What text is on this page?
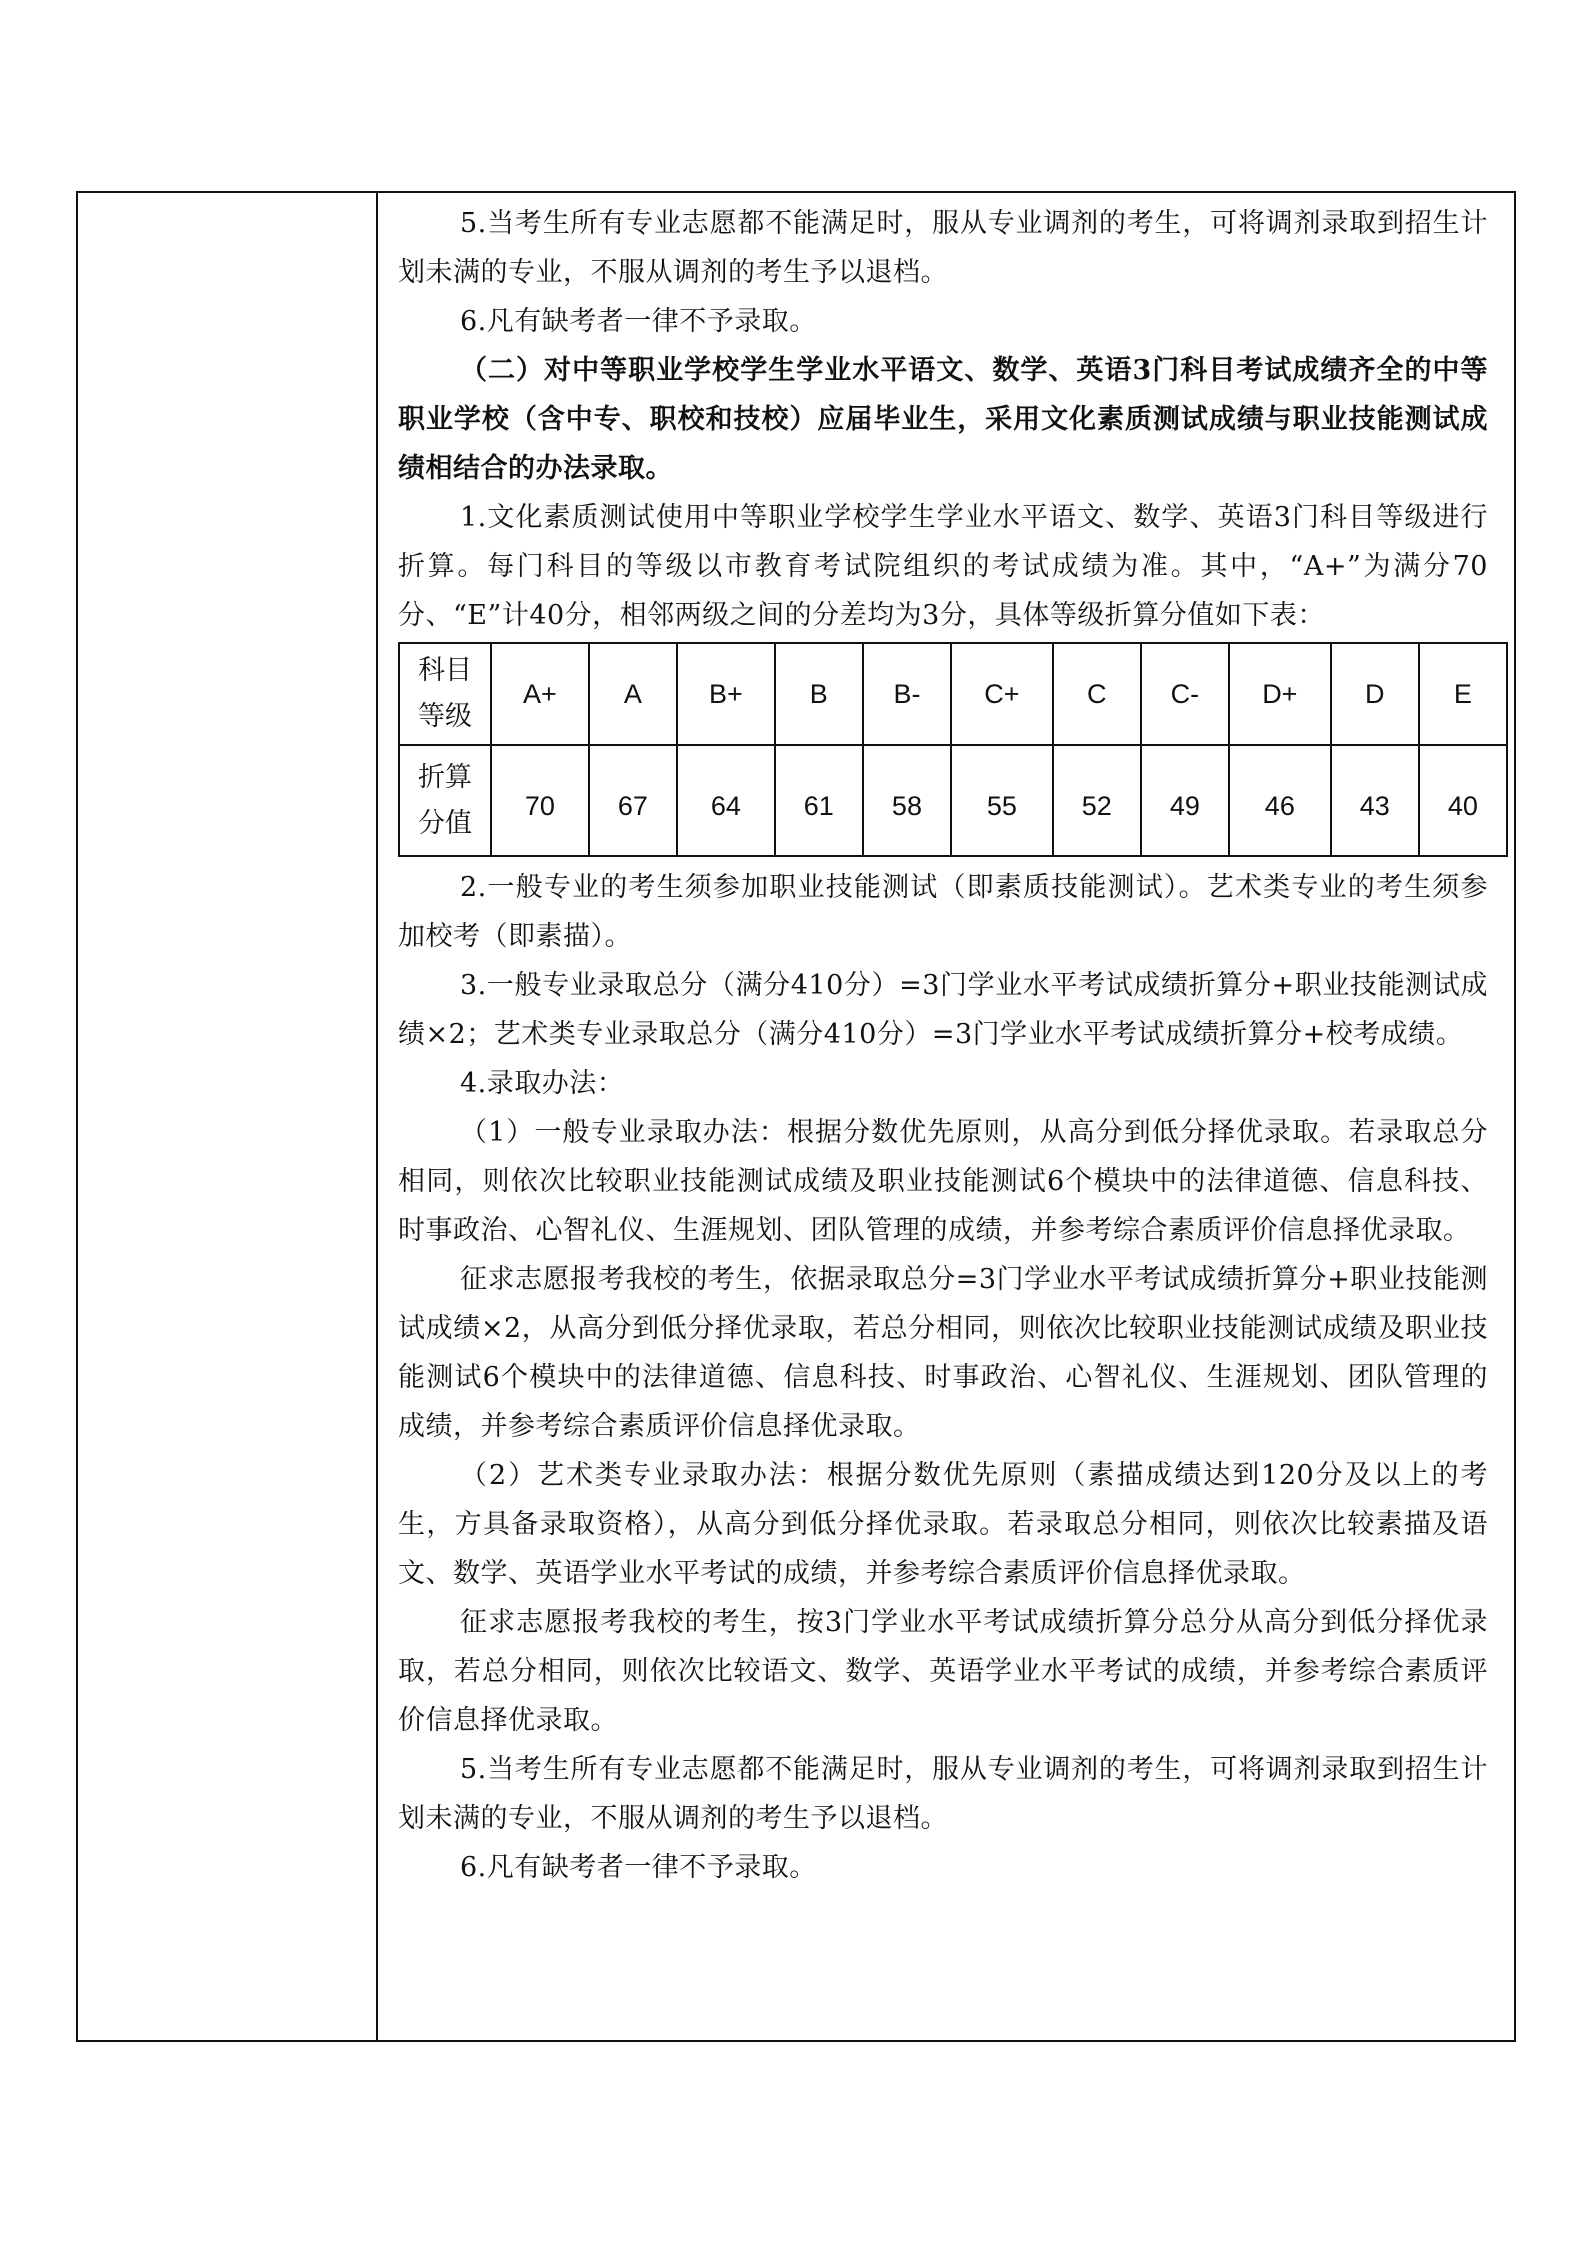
5.当考生所有专业志愿都不能满足时，服从专业调剂的考生，可将调剂录取到招生计划未满的专业，不服从调剂的考生予以退档。

6.凡有缺考者一律不予录取。

（二）对中等职业学校学生学业水平语文、数学、英语3门科目考试成绩齐全的中等职业学校（含中专、职校和技校）应届毕业生，采用文化素质测试成绩与职业技能测试成绩相结合的办法录取。

1.文化素质测试使用中等职业学校学生学业水平语文、数学、英语3门科目等级进行折算。每门科目的等级以市教育考试院组织的考试成绩为准。其中，“A+”为满分70分、“E”计40分，相邻两级之间的分差均为3分，具体等级折算分值如下表：

科目
等级	A+	A	B+	B	B-	C+	C	C-	D+	D	E
折算
分值	70	67	64	61	58	55	52	49	46	43	40

2.一般专业的考生须参加职业技能测试（即素质技能测试）。艺术类专业的考生须参加校考（即素描）。

3.一般专业录取总分（满分410分）=3门学业水平考试成绩折算分+职业技能测试成绩×2；艺术类专业录取总分（满分410分）=3门学业水平考试成绩折算分+校考成绩。

4.录取办法：

（1）一般专业录取办法：根据分数优先原则，从高分到低分择优录取。若录取总分相同，则依次比较职业技能测试成绩及职业技能测试6个模块中的法律道德、信息科技、时事政治、心智礼仪、生涯规划、团队管理的成绩，并参考综合素质评价信息择优录取。

征求志愿报考我校的考生，依据录取总分=3门学业水平考试成绩折算分+职业技能测试成绩×2，从高分到低分择优录取，若总分相同，则依次比较职业技能测试成绩及职业技能测试6个模块中的法律道德、信息科技、时事政治、心智礼仪、生涯规划、团队管理的成绩，并参考综合素质评价信息择优录取。

（2）艺术类专业录取办法：根据分数优先原则（素描成绩达到120分及以上的考生，方具备录取资格），从高分到低分择优录取。若录取总分相同，则依次比较素描及语文、数学、英语学业水平考试的成绩，并参考综合素质评价信息择优录取。

征求志愿报考我校的考生，按3门学业水平考试成绩折算分总分从高分到低分择优录取，若总分相同，则依次比较语文、数学、英语学业水平考试的成绩，并参考综合素质评价信息择优录取。

5.当考生所有专业志愿都不能满足时，服从专业调剂的考生，可将调剂录取到招生计划未满的专业，不服从调剂的考生予以退档。

6.凡有缺考者一律不予录取。
